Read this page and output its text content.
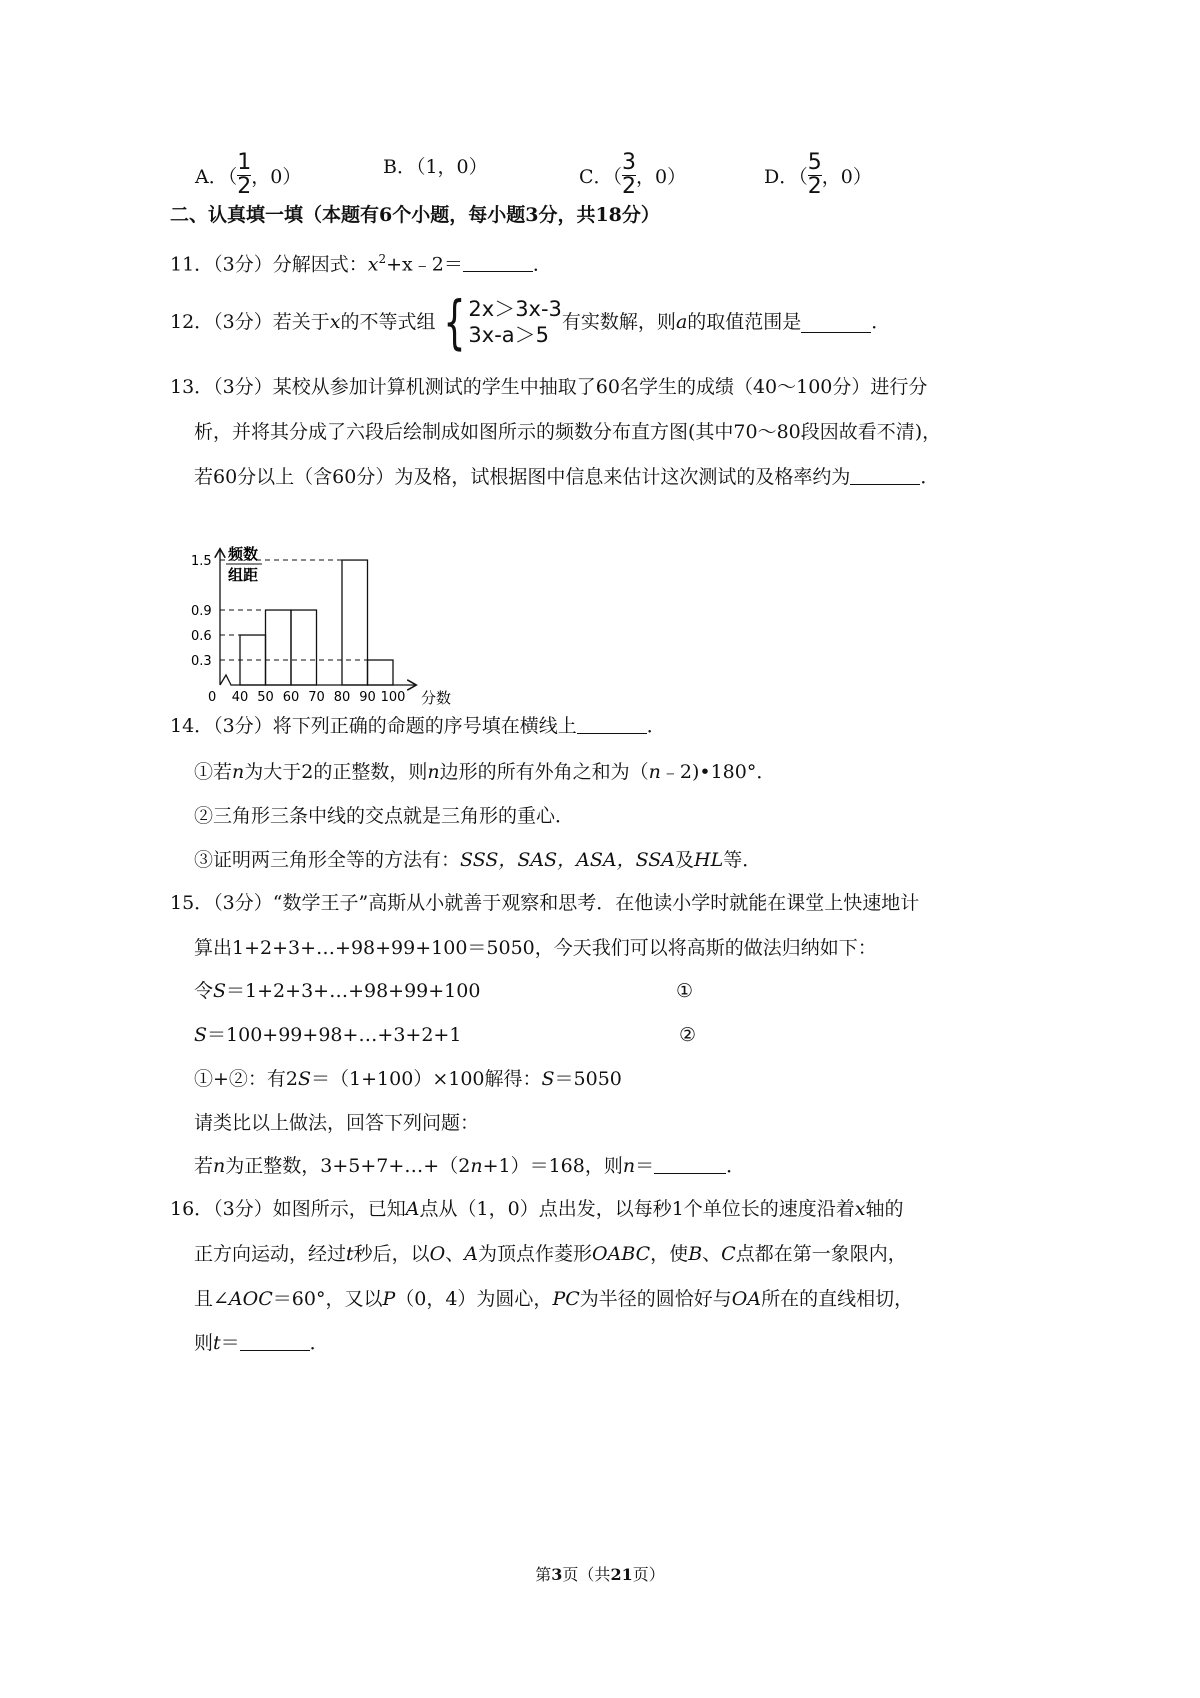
A．（ $\frac{1}{2}$ ，0）	B．（1，0）	C．（ $\frac{3}{2}$ ，0）	D．（ $\frac{5}{2}$ ，0）
二、认真填一填（本题有6个小题，每小题3分，共18分）
11．（3分）分解因式：$x^2+x﹣2=$	．
12．（3分）若关于 x 的不等式组 { 2x＞3x-3
3x-a＞5
有实数解，则 a 的取值范围是	．
13．（3分）某校从参加计算机测试的学生中抽取了60名学生的成绩（40～100分）进行分
析，并将其分成了六段后绘制成如图所示的频数分布直方图(其中70～80段因故看不清)，
若60分以上（含60分）为及格，试根据图中信息来估计这次测试的及格率约为	．
0.3
0.6
0.9
1.5
40 50 60 70 80 90 100
0
频数
组距
分数
14．（3分）将下列正确的命题的序号填在横线上	．
①若n为大于2的正整数，则n边形的所有外角之和为（n﹣2)•180°．
②三角形三条中线的交点就是三角形的重心．
③证明两三角形全等的方法有：SSS，SAS，ASA，SSA及HL等．
15．（3分）“数学王子”高斯从小就善于观察和思考．在他读小学时就能在课堂上快速地计
算出1+2+3+…+98+99+100＝5050，今天我们可以将高斯的做法归纳如下：
令S＝1+2+3+…+98+99+100	①
S＝100+99+98+…+3+2+1	②
①+②：有2S＝（1+100）×100解得：S＝5050
请类比以上做法，回答下列问题：
若n为正整数，3+5+7+…+（2n+1）＝168，则n＝	．
16．（3分）如图所示，已知A点从（1，0）点出发，以每秒1个单位长的速度沿着x轴的
正方向运动，经过t秒后，以O、A为顶点作菱形OABC，使B、C点都在第一象限内，
且∠AOC＝60°，又以P（0，4）为圆心，PC为半径的圆恰好与OA所在的直线相切，
则t＝	．
第3页（共21页）
